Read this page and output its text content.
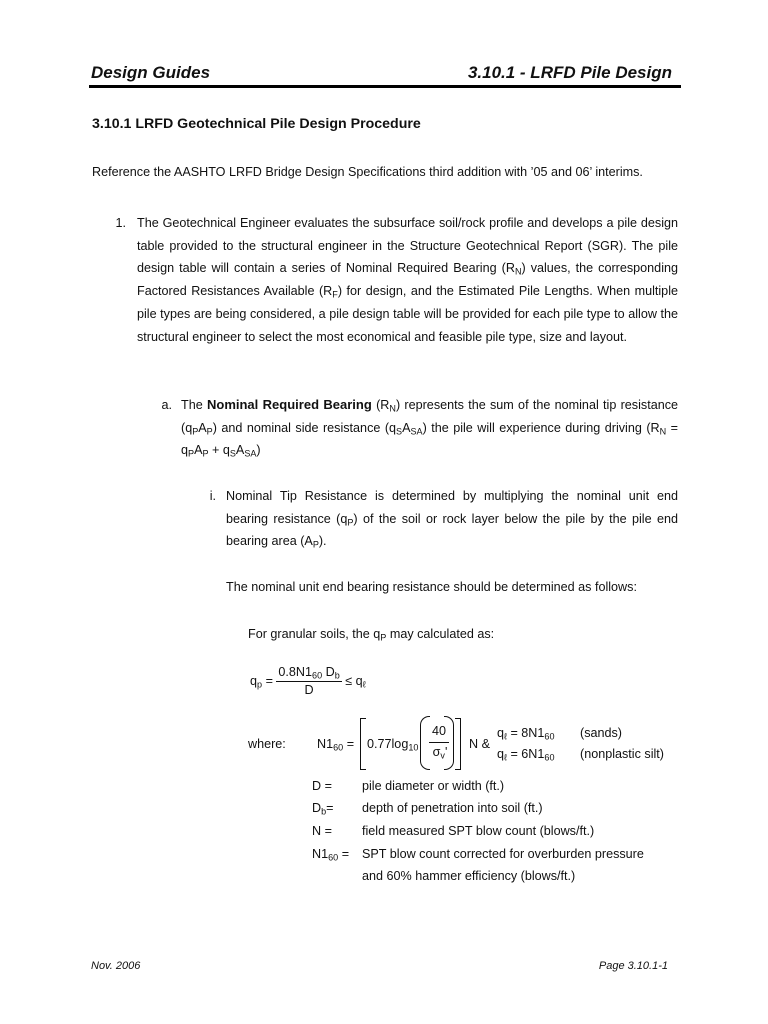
Design Guides	3.10.1 - LRFD Pile Design
3.10.1 LRFD Geotechnical Pile Design Procedure
Reference the AASHTO LRFD Bridge Design Specifications third addition with ’05 and 06’ interims.
1. The Geotechnical Engineer evaluates the subsurface soil/rock profile and develops a pile design table provided to the structural engineer in the Structure Geotechnical Report (SGR). The pile design table will contain a series of Nominal Required Bearing $(R_N)$ values, the corresponding Factored Resistances Available $(R_F)$ for design, and the Estimated Pile Lengths. When multiple pile types are being considered, a pile design table will be provided for each pile type to allow the structural engineer to select the most economical and feasible pile type, size and layout.
a. The Nominal Required Bearing $(R_N)$ represents the sum of the nominal tip resistance $(q_PA_P)$ and nominal side resistance $(q_SA_{SA})$ the pile will experience during driving $(R_N = q_PA_P + q_SA_{SA})$
i. Nominal Tip Resistance is determined by multiplying the nominal unit end bearing resistance $(q_P)$ of the soil or rock layer below the pile by the pile end bearing area $(A_P)$.
The nominal unit end bearing resistance should be determined as follows:
For granular soils, the $q_P$ may calculated as:
$q_p = \frac{0.8N1_{60} D_b}{D} \le q_\ell$
where: $N1_{60} = 0.77\log_{10}$
40
$\sigma_v'$
N &
$q_\ell = 8N1_{60}$ (sands)
$q_\ell = 6N1_{60}$ (nonplastic silt)
D = pile diameter or width (ft.)
$D_b=$ depth of penetration into soil (ft.)
N = field measured SPT blow count (blows/ft.)
$N1_{60}$ = SPT blow count corrected for overburden pressure
and 60% hammer efficiency (blows/ft.)
Nov. 2006	Page 3.10.1-1
